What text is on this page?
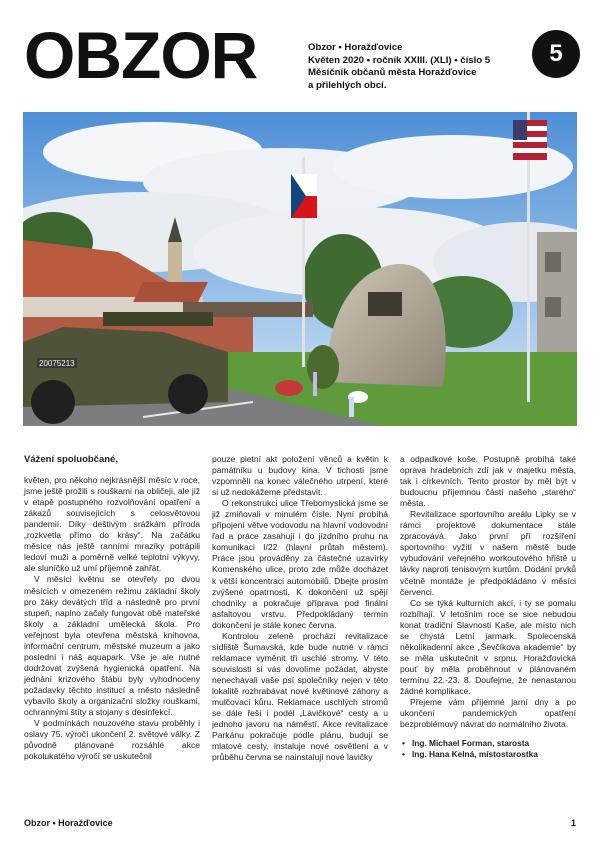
OBZOR	Obzor • Horažďovice
Květen 2020 • ročník XXIII. (XLI) • číslo 5
Měsíčník občanů města Horažďovice
a přilehlých obcí.
5
20075213

Vážení spoluobčané,

květen, pro někoho nejkrásnější měsíc v roce, jsme ještě prožili s rouškami na obličeji, ale již v etapě postupného rozvolňování opatření a zákazů souvisejících s celosvětovou pandemií. Díky deštivým srážkám příroda „rozkvetla přímo do krásy“. Na začátku měsíce nás ještě ranními mrazíky potrápili ledoví muži a poměrně velké teplotní výkyvy, ale sluníčko už umí příjemně zahřát.

V měsíci květnu se otevřely po dvou měsících v omezeném režimu základní školy pro žáky devátých tříd a následně pro první stupeň, naplno začaly fungovat obě mateřské školy a základní umělecká škola. Pro veřejnost byla otevřena městská knihovna, informační centrum, městské muzeum a jako poslední i náš aquapark. Vše je ale nutné dodržovat zvýšená hygienická opatření. Na jednání krizového štábu byly vyhodnoceny požadavky těchto institucí a město následně vybavilo školy a organizační složky rouškami, ochrannými štíty a stojany s desinfekcí.

V podmínkách nouzového stavu proběhly i oslavy 75. výročí ukončení 2. světové války. Z původně plánované rozsáhlé akce pokolukatého výročí se uskutečnil

pouze pietní akt položení věnců a květin k památníku u budovy kina. V tichosti jsme vzpomněli na konec válečného utrpení, které si už nedokážeme představit.

O rekonstrukci ulice Třebomyslická jsme se již zmiňovali v minulém čísle. Nyní probíhá připojení větve vodovodu na hlavní vodovodní řad a práce zasahují i do jízdního pruhu na komunikaci I/22 (hlavní průtah městem). Práce jsou prováděny za částečné uzavírky Komenského ulice, proto zde může docházet k větší koncentraci automobilů. Dbejte prosím zvýšené opatrnosti. K dokončení už spějí chodníky a pokračuje příprava pod finální asfaltovou vrstvu. Předpokládaný termín dokončení je stále konec června.

Kontrolou zeleně prochází revitalizace sídliště Šumavská, kde bude nutné v rámci reklamace vyměnit tři uschlé stromy. V této souvislosti si vás dovolíme požádat, abyste nenechávali vaše psí společníky nejen v této lokalitě rozhrabávat nové květinové záhony a mulčovací kůru. Reklamace uschlých stromů se dále řeší i podél „Lávičkové“ cesty a u jednoho javoru na náměstí. Akce revitalizace Parkánu pokračuje podle plánu, budují se mlatové cesty, instaluje nové osvětlení a v průběhu června se nainstalují nové lavičky

a odpadkové koše. Postupně probíhá také oprava hradebních zdí jak v majetku města, tak i církevních. Tento prostor by měl být v budoucnu příjemnou částí našeho „starého“ města.

Revitalizace sportovního areálu Lipky se v rámci projektové dokumentace stále zpracovává. Jako první při rozšíření sportovního vyžití v našem městě bude vybudování veřejného workoutového hřiště u lávky naproti tenisovým kurtům. Dodání prvků včetně montáže je předpokládáno v měsíci červenci.

Co se týká kulturních akcí, i ty se pomalu rozbíhají. V letošním roce se sice nebudou konat tradiční Slavnosti Kaše, ale místo nich se chystá Letní jarmark. Spolecenská několikadenní akce „Ševčíkova akademie“ by se měla uskutečnit v srpnu. Horažďovická pouť by měla proběhnout v plánovaném termínu 22.-23. 8. Doufejme, že nenastanou žádné komplikace.

Přejeme vám příjemné jarní dny a po ukončení pandemických opatření bezproblémový návrat do normálního života.

• Ing. Michael Forman, starosta
• Ing. Hana Kelná, místostarostka
Obzor • Horažďovice	1
